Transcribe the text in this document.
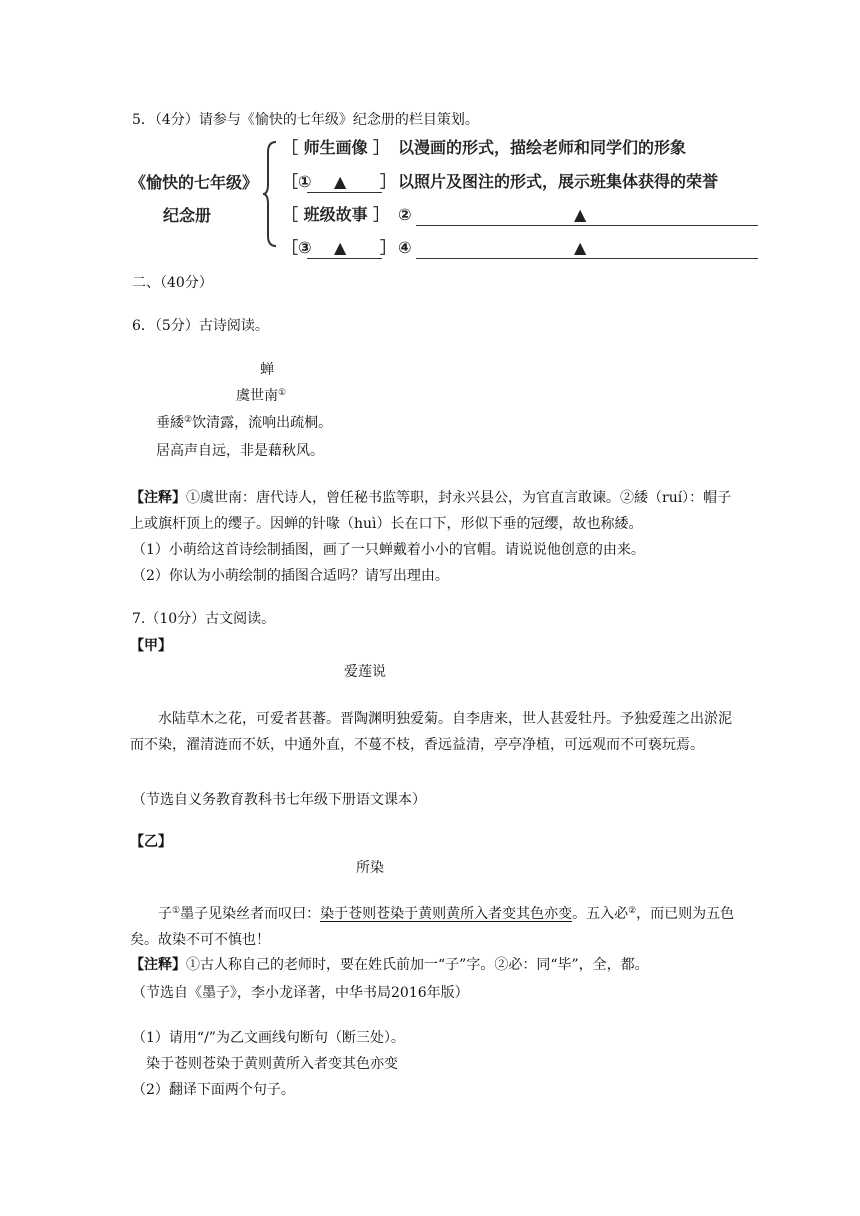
5．（4分）请参与《愉快的七年级》纪念册的栏目策划。
《愉快的七年级》
纪念册
［ 师生画像 ］ 以漫画的形式，描绘老师和同学们的形象
［① ▲ ］ 以照片及图注的形式，展示班集体获得的荣誉
［ 班级故事 ］ ②	▲
［③ ▲ ］ ④	▲
二、（40分）
6．（5分）古诗阅读。
蝉
虞世南①
垂緌②饮清露，流响出疏桐。
居高声自远，非是藉秋风。
【注释】①虞世南：唐代诗人，曾任秘书监等职，封永兴县公，为官直言敢谏。②緌（ruí）：帽子上或旗杆顶上的缨子。因蝉的针喙（huì）长在口下，形似下垂的冠缨，故也称緌。
（1）小萌给这首诗绘制插图，画了一只蝉戴着小小的官帽。请说说他创意的由来。
（2）你认为小萌绘制的插图合适吗？请写出理由。
7.（10分）古文阅读。
【甲】
爱莲说
水陆草木之花，可爱者甚蕃。晋陶渊明独爱菊。自李唐来，世人甚爱牡丹。予独爱莲之出淤泥而不染，濯清涟而不妖，中通外直，不蔓不枝，香远益清，亭亭净植，可远观而不可亵玩焉。
（节选自义务教育教科书七年级下册语文课本）
【乙】
所染
子①墨子见染丝者而叹曰：染于苍则苍染于黄则黄所入者变其色亦变。五入必②，而已则为五色矣。故染不可不慎也！
【注释】①古人称自己的老师时，要在姓氏前加一“子”字。②必：同“毕”，全，都。
（节选自《墨子》，李小龙译著，中华书局2016年版）
（1）请用“/”为乙文画线句断句（断三处）。
染于苍则苍染于黄则黄所入者变其色亦变
（2）翻译下面两个句子。
